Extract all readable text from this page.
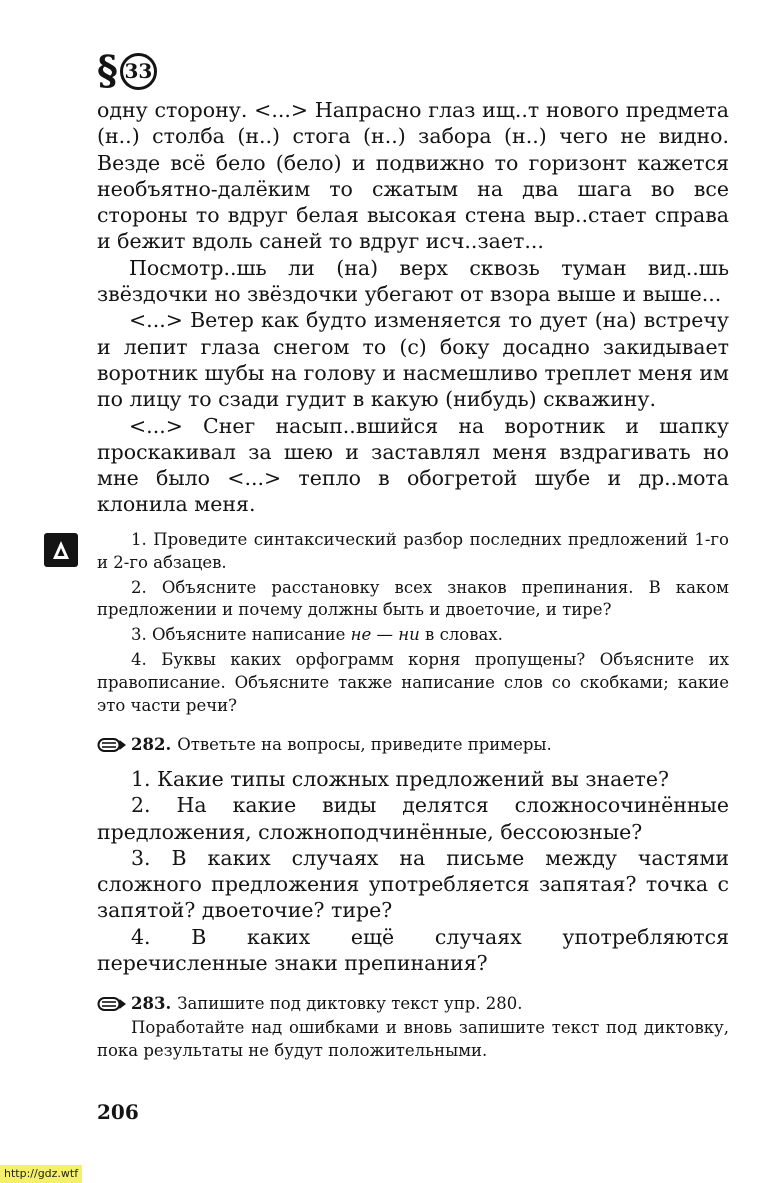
§ 33

одну сторону. <...> Напрасно глаз ищ..т нового предмета (н..) столба (н..) стога (н..) забора (н..) чего не видно. Везде всё бело (бело) и подвижно то горизонт кажется необъятно-далёким то сжатым на два шага во все стороны то вдруг белая высокая стена выр..стает справа и бежит вдоль саней то вдруг исч..зает...

Посмотр..шь ли (на) верх сквозь туман вид..шь звёздочки но звёздочки убегают от взора выше и выше...

<...> Ветер как будто изменяется то дует (на) встречу и лепит глаза снегом то (с) боку досадно закидывает воротник шубы на голову и насмешливо треплет меня им по лицу то сзади гудит в какую (нибудь) скважину.

<...> Снег насып..вшийся на воротник и шапку проскакивал за шею и заставлял меня вздрагивать но мне было <...> тепло в обогретой шубе и др..мота клонила меня.

1. Проведите синтаксический разбор последних предложений 1-го и 2-го абзацев.

2. Объясните расстановку всех знаков препинания. В каком предложении и почему должны быть и двоеточие, и тире?

3. Объясните написание не — ни в словах.

4. Буквы каких орфограмм корня пропущены? Объясните их правописание. Объясните также написание слов со скобками; какие это части речи?

282. Ответьте на вопросы, приведите примеры.

1. Какие типы сложных предложений вы знаете?

2. На какие виды делятся сложносочинённые предложения, сложноподчинённые, бессоюзные?

3. В каких случаях на письме между частями сложного предложения употребляется запятая? точка с запятой? двоеточие? тире?

4. В каких ещё случаях употребляются перечисленные знаки препинания?

283. Запишите под диктовку текст упр. 280.

Поработайте над ошибками и вновь запишите текст под диктовку, пока результаты не будут положительными.

206
http://gdz.wtf
